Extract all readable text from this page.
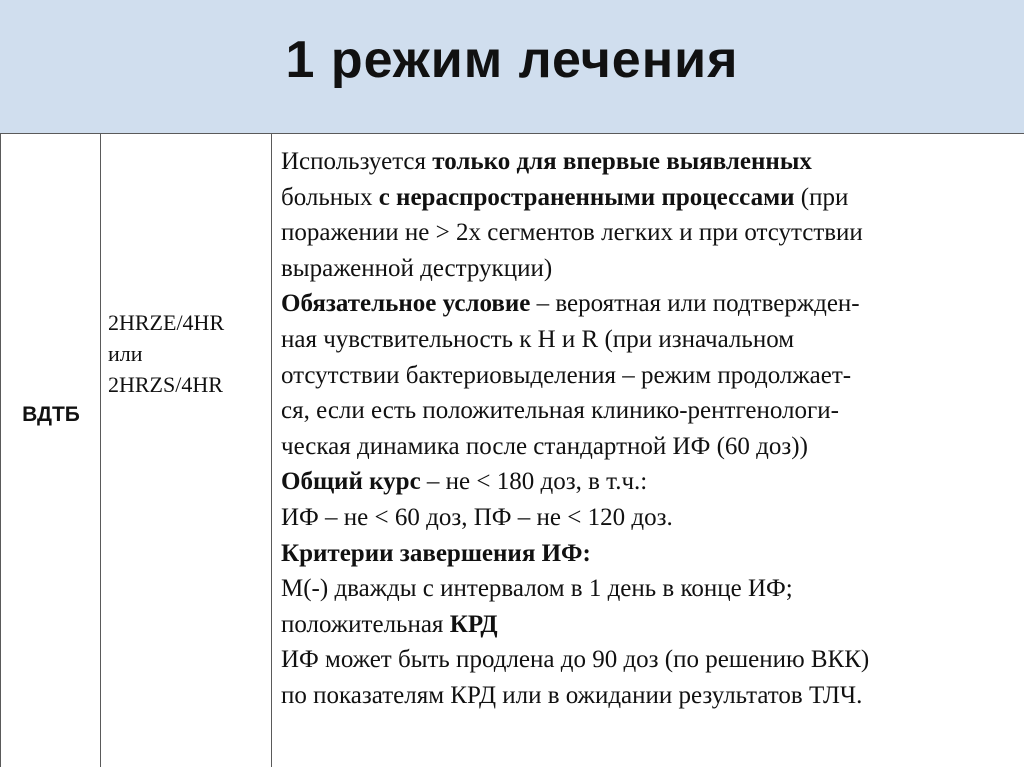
1 режим лечения
ВДТБ
2HRZE/4HR
или
2HRZS/4HR
Используется только для впервые выявленных
больных с нераспространенными процессами (при
поражении не > 2х сегментов легких и при отсутствии
выраженной деструкции)
Обязательное условие – вероятная или подтвержден-
ная чувствительность к H и R (при изначальном
отсутствии бактериовыделения – режим продолжает-
ся, если есть положительная клинико-рентгенологи-
ческая динамика после стандартной ИФ (60 доз))
Общий курс – не < 180 доз, в т.ч.:
ИФ – не < 60 доз, ПФ – не < 120 доз.
Критерии завершения ИФ:
М(-) дважды с интервалом в 1 день в конце ИФ;
положительная КРД
ИФ может быть продлена до 90 доз (по решению ВКК)
по показателям КРД или в ожидании результатов ТЛЧ.
